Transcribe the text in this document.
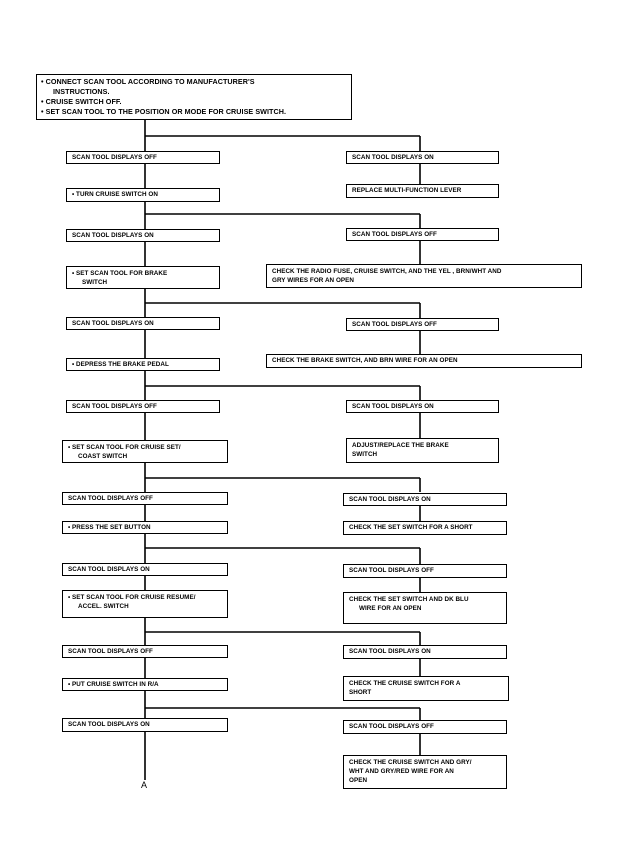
• CONNECT SCAN TOOL ACCORDING TO MANUFACTURER'S
INSTRUCTIONS.
• CRUISE SWITCH OFF.
• SET SCAN TOOL TO THE POSITION OR MODE FOR CRUISE SWITCH.
SCAN TOOL DISPLAYS OFF	SCAN TOOL DISPLAYS ON
• TURN CRUISE SWITCH ON
REPLACE MULTI-FUNCTION LEVER
SCAN TOOL DISPLAYS ON	SCAN TOOL DISPLAYS OFF
• SET SCAN TOOL FOR BRAKE
SWITCH
CHECK THE RADIO FUSE, CRUISE SWITCH, AND THE YEL , BRN/WHT AND
GRY WIRES FOR AN OPEN
SCAN TOOL DISPLAYS ON	SCAN TOOL DISPLAYS OFF
• DEPRESS THE BRAKE PEDAL	CHECK THE BRAKE SWITCH, AND BRN WIRE FOR AN OPEN
SCAN TOOL DISPLAYS OFF	SCAN TOOL DISPLAYS ON
• SET SCAN TOOL FOR CRUISE SET/
COAST SWITCH
ADJUST/REPLACE THE BRAKE
SWITCH
SCAN TOOL DISPLAYS OFF	SCAN TOOL DISPLAYS ON
• PRESS THE SET BUTTON	CHECK THE SET SWITCH FOR A SHORT
SCAN TOOL DISPLAYS ON	SCAN TOOL DISPLAYS OFF
• SET SCAN TOOL FOR CRUISE RESUME/
ACCEL. SWITCH
CHECK THE SET SWITCH AND DK BLU
WIRE FOR AN OPEN
SCAN TOOL DISPLAYS OFF	SCAN TOOL DISPLAYS ON
• PUT CRUISE SWITCH IN R/A	CHECK THE CRUISE SWITCH FOR A
SHORT
SCAN TOOL DISPLAYS ON	SCAN TOOL DISPLAYS OFF
CHECK THE CRUISE SWITCH AND GRY/
WHT AND GRY/RED WIRE FOR AN
OPEN
A
